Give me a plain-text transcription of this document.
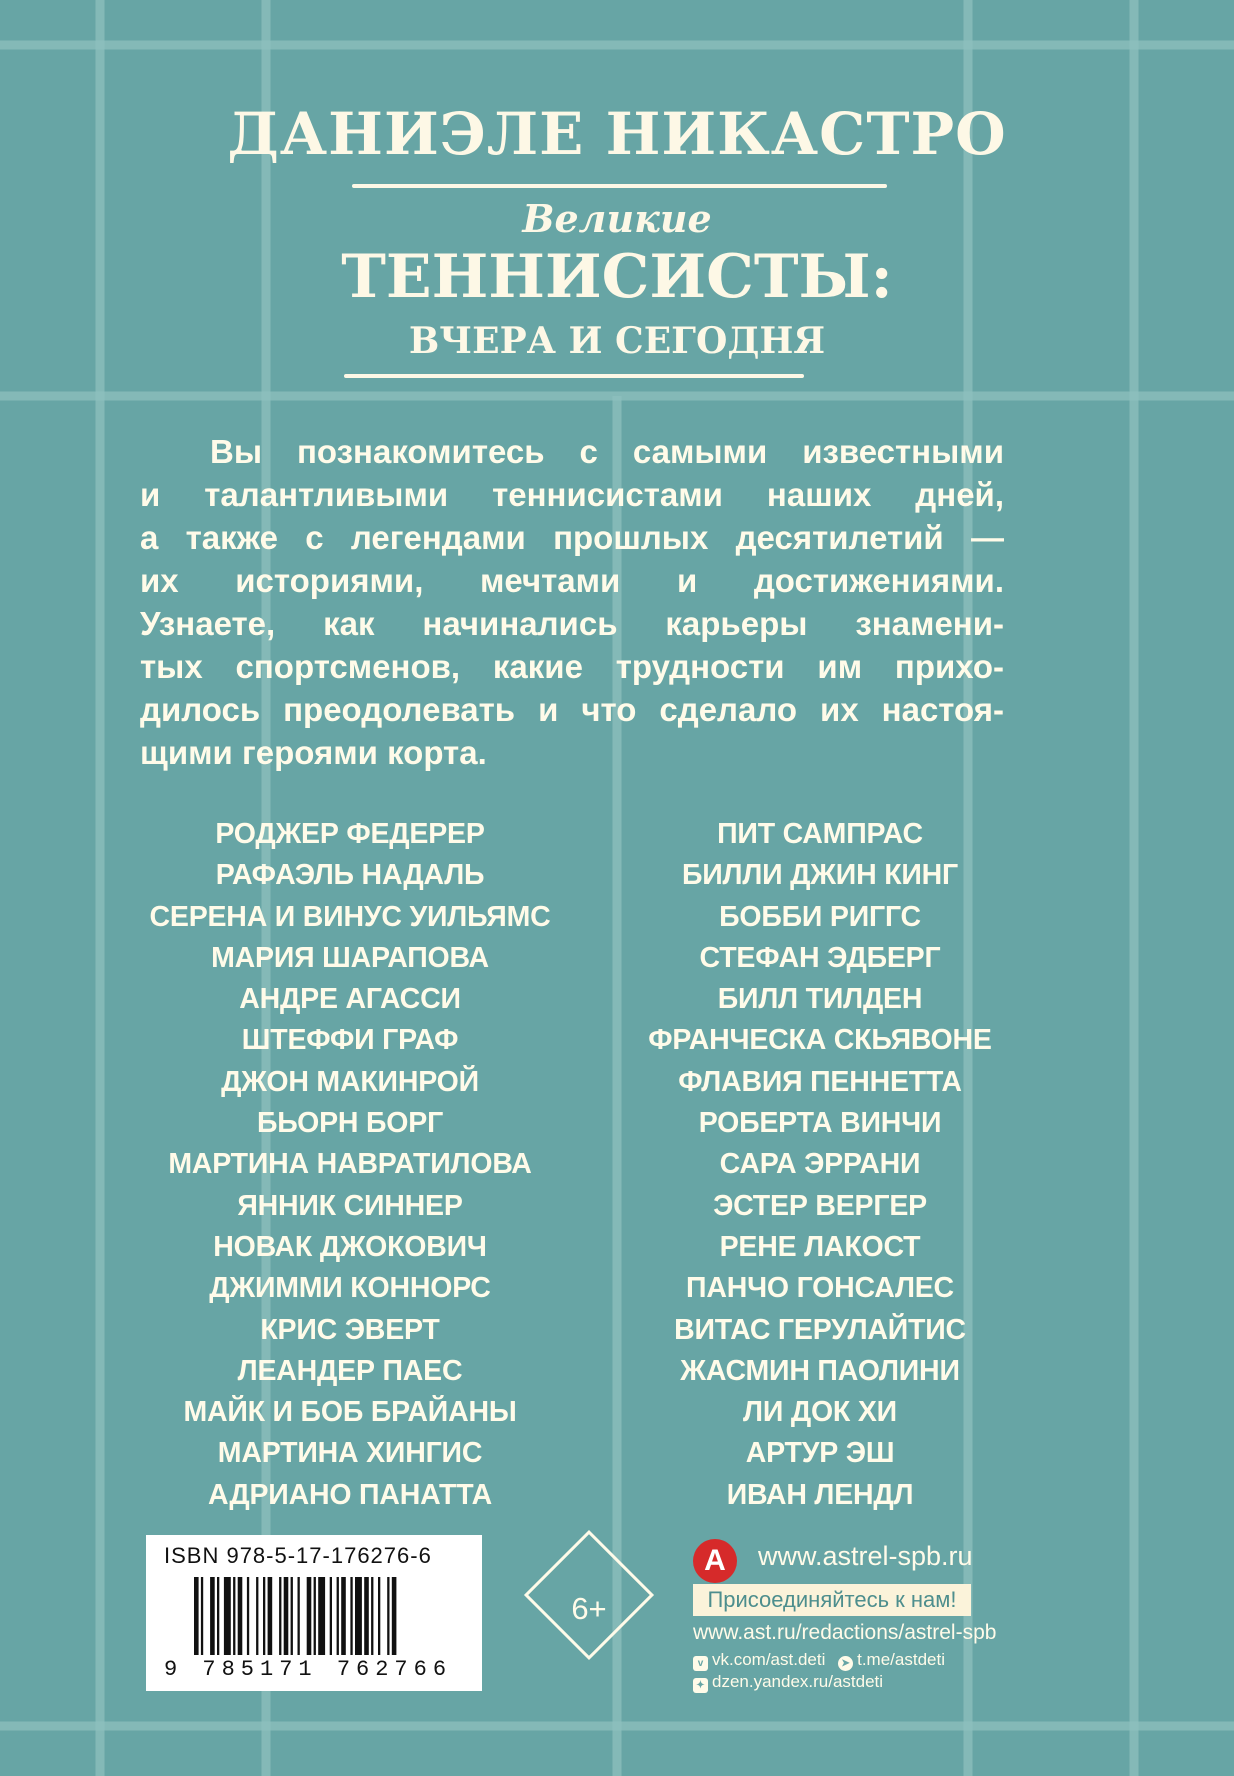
ДАНИЭЛЕ НИКАСТРО
Великие
ТЕННИСИСТЫ:
ВЧЕРА И СЕГОДНЯ
Вы познакомитесь с самыми известными
и талантливыми теннисистами наших дней,
а также с легендами прошлых десятилетий —
их историями, мечтами и достижениями.
Узнаете, как начинались карьеры знамени-
тых спортсменов, какие трудности им прихо-
дилось преодолевать и что сделало их настоя-
щими героями корта.
РОДЖЕР ФЕДЕРЕР
РАФАЭЛЬ НАДАЛЬ
СЕРЕНА И ВИНУС УИЛЬЯМС
МАРИЯ ШАРАПОВА
АНДРЕ АГАССИ
ШТЕФФИ ГРАФ
ДЖОН МАКИНРОЙ
БЬОРН БОРГ
МАРТИНА НАВРАТИЛОВА
ЯННИК СИННЕР
НОВАК ДЖОКОВИЧ
ДЖИММИ КОННОРС
КРИС ЭВЕРТ
ЛЕАНДЕР ПАЕС
МАЙК И БОБ БРАЙАНЫ
МАРТИНА ХИНГИС
АДРИАНО ПАНАТТА
ПИТ САМПРАС
БИЛЛИ ДЖИН КИНГ
БОББИ РИГГС
СТЕФАН ЭДБЕРГ
БИЛЛ ТИЛДЕН
ФРАНЧЕСКА СКЬЯВОНЕ
ФЛАВИЯ ПЕННЕТТА
РОБЕРТА ВИНЧИ
САРА ЭРРАНИ
ЭСТЕР ВЕРГЕР
РЕНЕ ЛАКОСТ
ПАНЧО ГОНСАЛЕС
ВИТАС ГЕРУЛАЙТИС
ЖАСМИН ПАОЛИНИ
ЛИ ДОК ХИ
АРТУР ЭШ
ИВАН ЛЕНДЛ
ISBN 978-5-17-176276-6
9 785171 762766
6+
А	www.astrel-spb.ru
Присоединяйтесь к нам!
www.ast.ru/redactions/astrel-spb
v vk.com/ast.deti ➤ t.me/astdeti
✦ dzen.yandex.ru/astdeti
